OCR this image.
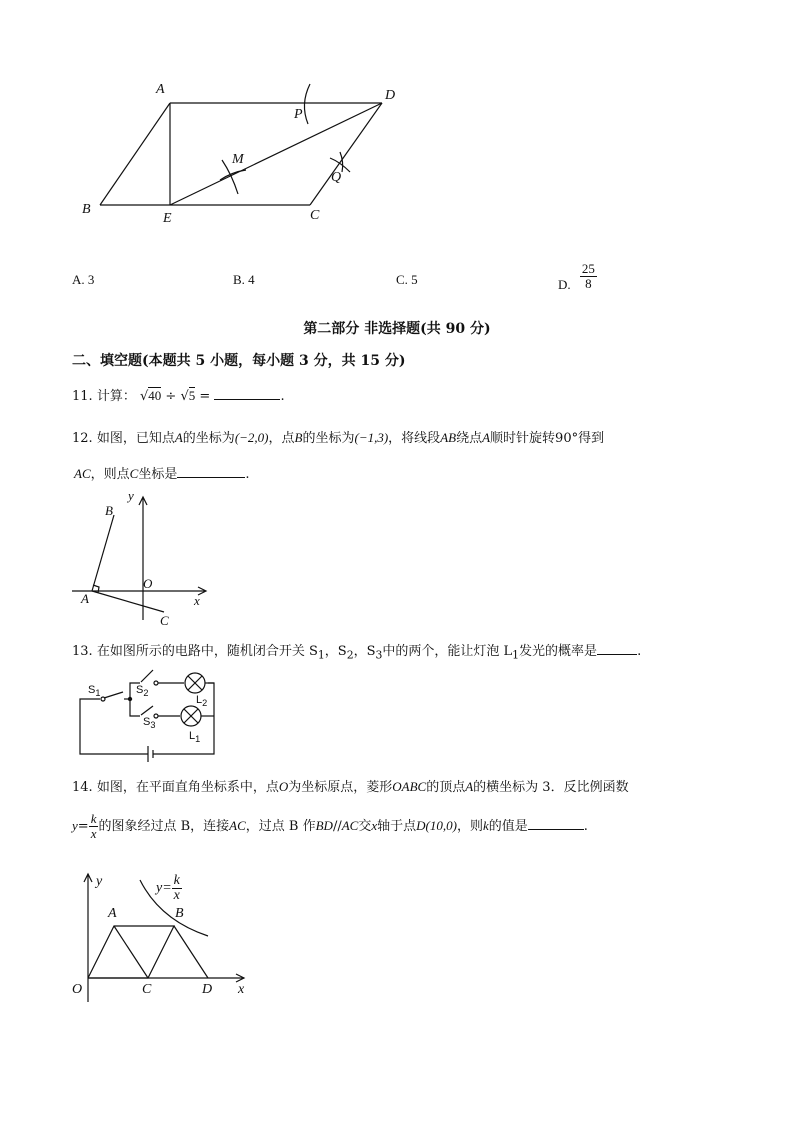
A	D
B
E	C
P
M
Q
A. 3	B. 4	C. 5	D. $\frac{25}{8}$
第二部分 非选择题(共 90 分)
二、填空题(本题共 5 小题，每小题 3 分，共 15 分)
11. 计算： √40 ÷ √5 =	.
12. 如图，已知点A的坐标为(−2,0)，点B的坐标为(−1,3)，将线段AB绕点A顺时针旋转90°得到
AC，则点C坐标是	.
B
y
O
A	x
C
13. 在如图所示的电路中，随机闭合开关 $S_1$，$S_2$，$S_3$中的两个，能让灯泡 $L_1$发光的概率是	.
$S_1$	$S_2$
$S_3$
$L_2$
$L_1$
14. 如图，在平面直角坐标系中，点O为坐标原点，菱形OABC的顶点A的横坐标为 3．反比例函数
$y= \frac{k}{x}$ 的图象经过点 B，连接AC，过点 B 作BD//AC交x轴于点D(10,0)，则k的值是	.
y	$y= \frac{k}{x}$
A	B
O	C	D x
